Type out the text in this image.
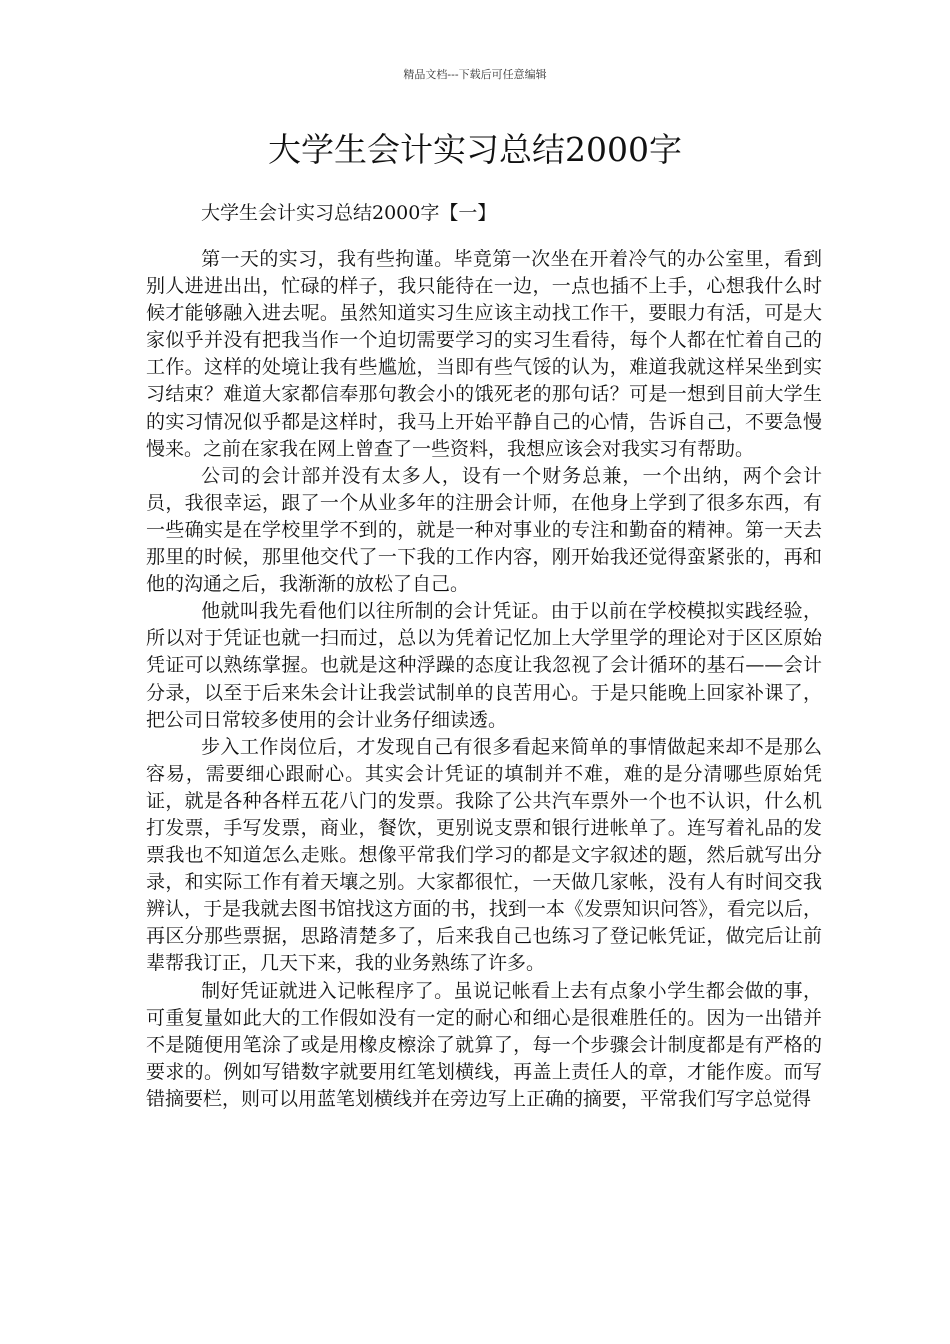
精品文档---下载后可任意编辑
大学生会计实习总结2000字
大学生会计实习总结2000字【一】

第一天的实习，我有些拘谨。毕竟第一次坐在开着冷气的办公室里，看到别人进进出出，忙碌的样子，我只能待在一边，一点也插不上手，心想我什么时候才能够融入进去呢。虽然知道实习生应该主动找工作干，要眼力有活，可是大家似乎并没有把我当作一个迫切需要学习的实习生看待，每个人都在忙着自己的工作。这样的处境让我有些尴尬，当即有些气馁的认为，难道我就这样呆坐到实习结束？难道大家都信奉那句教会小的饿死老的那句话？可是一想到目前大学生的实习情况似乎都是这样时，我马上开始平静自己的心情，告诉自己，不要急慢慢来。之前在家我在网上曾查了一些资料，我想应该会对我实习有帮助。

公司的会计部并没有太多人，设有一个财务总兼，一个出纳，两个会计员，我很幸运，跟了一个从业多年的注册会计师，在他身上学到了很多东西，有一些确实是在学校里学不到的，就是一种对事业的专注和勤奋的精神。第一天去那里的时候，那里他交代了一下我的工作内容，刚开始我还觉得蛮紧张的，再和他的沟通之后，我渐渐的放松了自己。

他就叫我先看他们以往所制的会计凭证。由于以前在学校模拟实践经验，所以对于凭证也就一扫而过，总以为凭着记忆加上大学里学的理论对于区区原始凭证可以熟练掌握。也就是这种浮躁的态度让我忽视了会计循环的基石——会计分录，以至于后来朱会计让我尝试制单的良苦用心。于是只能晚上回家补课了，把公司日常较多使用的会计业务仔细读透。

步入工作岗位后，才发现自己有很多看起来简单的事情做起来却不是那么容易，需要细心跟耐心。其实会计凭证的填制并不难，难的是分清哪些原始凭证，就是各种各样五花八门的发票。我除了公共汽车票外一个也不认识，什么机打发票，手写发票，商业，餐饮，更别说支票和银行进帐单了。连写着礼品的发票我也不知道怎么走账。想像平常我们学习的都是文字叙述的题，然后就写出分录，和实际工作有着天壤之别。大家都很忙，一天做几家帐，没有人有时间交我辨认，于是我就去图书馆找这方面的书，找到一本《发票知识问答》，看完以后，再区分那些票据，思路清楚多了，后来我自己也练习了登记帐凭证，做完后让前辈帮我订正，几天下来，我的业务熟练了许多。

制好凭证就进入记帐程序了。虽说记帐看上去有点象小学生都会做的事，可重复量如此大的工作假如没有一定的耐心和细心是很难胜任的。因为一出错并不是随便用笔涂了或是用橡皮檫涂了就算了，每一个步骤会计制度都是有严格的要求的。例如写错数字就要用红笔划横线，再盖上责任人的章，才能作废。而写错摘要栏，则可以用蓝笔划横线并在旁边写上正确的摘要，平常我们写字总觉得
